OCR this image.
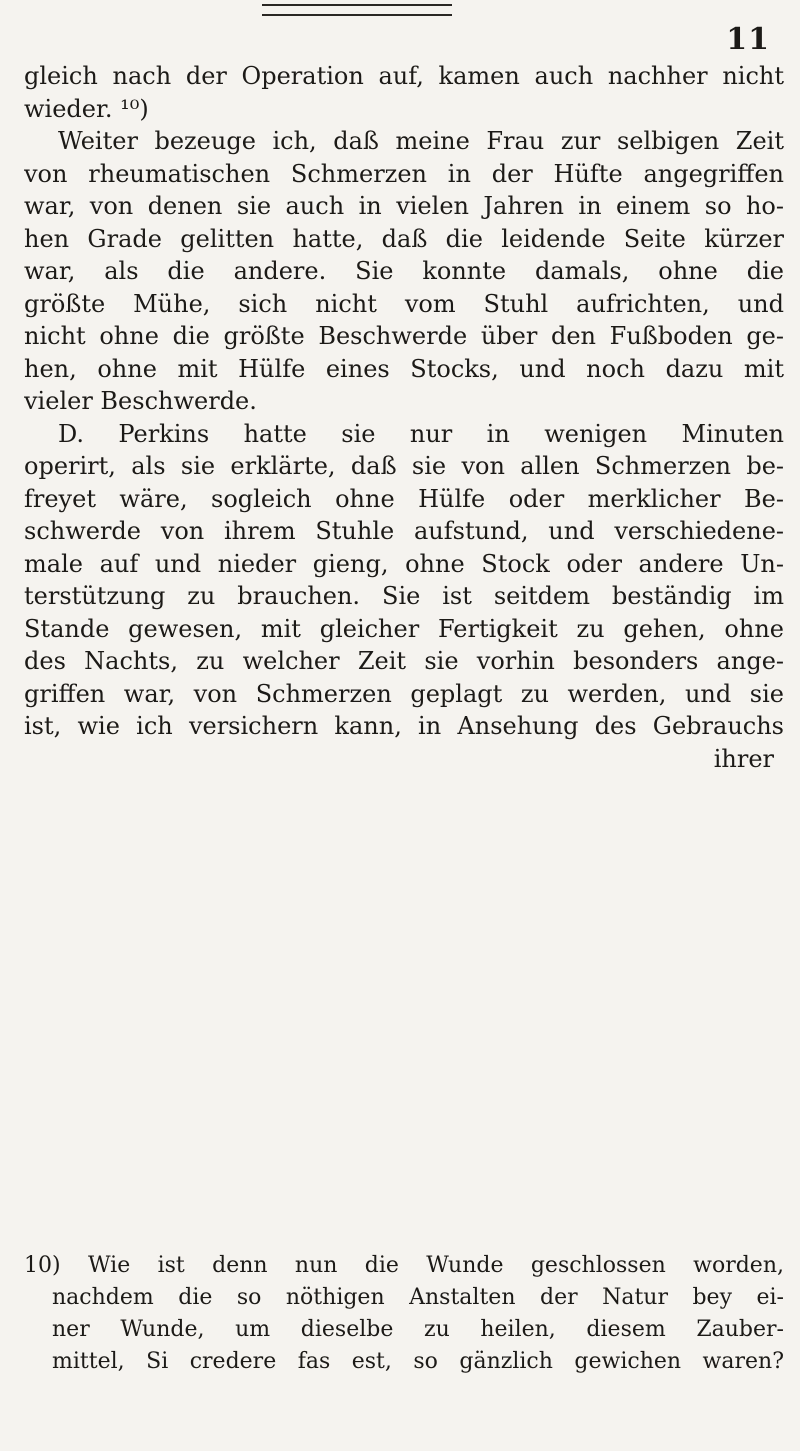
11
gleich nach der Operation auf, kamen auch nachher nicht
wieder. ¹⁰)
Weiter bezeuge ich, daß meine Frau zur selbigen Zeit
von rheumatischen Schmerzen in der Hüfte angegriffen
war, von denen sie auch in vielen Jahren in einem so ho-
hen Grade gelitten hatte, daß die leidende Seite kürzer
war, als die andere. Sie konnte damals, ohne die
größte Mühe, sich nicht vom Stuhl aufrichten, und
nicht ohne die größte Beschwerde über den Fußboden ge-
hen, ohne mit Hülfe eines Stocks, und noch dazu mit
vieler Beschwerde.
D. Perkins hatte sie nur in wenigen Minuten
operirt, als sie erklärte, daß sie von allen Schmerzen be-
freyet wäre, sogleich ohne Hülfe oder merklicher Be-
schwerde von ihrem Stuhle aufstund, und verschiedene-
male auf und nieder gieng, ohne Stock oder andere Un-
terstützung zu brauchen. Sie ist seitdem beständig im
Stande gewesen, mit gleicher Fertigkeit zu gehen, ohne
des Nachts, zu welcher Zeit sie vorhin besonders ange-
griffen war, von Schmerzen geplagt zu werden, und sie
ist, wie ich versichern kann, in Ansehung des Gebrauchs
ihrer
10) Wie ist denn nun die Wunde geschlossen worden,
nachdem die so nöthigen Anstalten der Natur bey ei-
ner Wunde, um dieselbe zu heilen, diesem Zauber-
mittel, Si credere fas est, so gänzlich gewichen waren?
